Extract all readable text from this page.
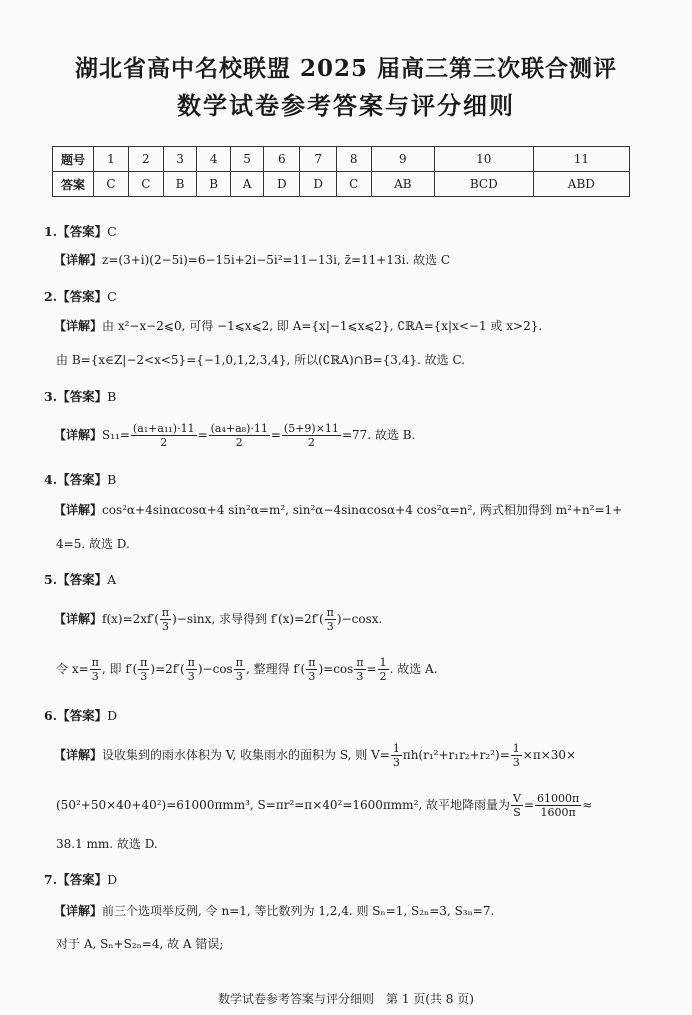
湖北省高中名校联盟 2025 届高三第三次联合测评
数学试卷参考答案与评分细则
题号	1	2	3	4	5	6	7	8	9	10	11
答案	C	C	B	B	A	D	D	C	AB	BCD	ABD
1.【答案】C
【详解】z=(3+i)(2−5i)=6−15i+2i−5i²=11−13i, z̄=11+13i. 故选 C
2.【答案】C
【详解】由 x²−x−2⩽0, 可得 −1⩽x⩽2, 即 A={x|−1⩽x⩽2}, ∁ℝA={x|x<−1 或 x>2}.
由 B={x∈Z|−2<x<5}={−1,0,1,2,3,4}, 所以(∁ℝA)∩B={3,4}. 故选 C.
3.【答案】B
【详解】$S_{11}= \frac{\text{(a₁+a₁₁)·11}}{2} = \frac{\text{(a₄+a₈)·11}}{2} = \frac{(5+9)\times 11}{2} =77$. 故选 B.
4.【答案】B
【详解】cos²α+4sinαcosα+4 sin²α=m², sin²α−4sinαcosα+4 cos²α=n², 两式相加得到 m²+n²=1+
4=5. 故选 D.
5.【答案】A
【详解】$f(x)=2xf'( \frac{\pi}{3} )-\sin x$, 求导得到 $f'(x)=2f'( \frac{\pi}{3} )-\cos x$.
令 $x= \frac{\pi}{3}$ , 即 $f'( \frac{\pi}{3} )=2f'( \frac{\pi}{3} )-\cos \frac{\pi}{3}$ , 整理得 $f'( \frac{\pi}{3} )=\cos \frac{\pi}{3} = \frac{1}{2}$ . 故选 A.
6.【答案】D
【详解】设收集到的雨水体积为 V, 收集雨水的面积为 S, 则 $V= \frac{1}{3} \pi h(r_1^2+r_1r_2+r_2^2)= \frac{1}{3} \times\pi\times 30\times$
(50²+50×40+40²)=61000πmm³, S=πr²=π×40²=1600πmm², 故平地降雨量为 $\frac{V}{S} = \frac{61000\pi}{1600\pi}$ ≈
38.1 mm. 故选 D.
7.【答案】D
【详解】前三个选项举反例, 令 n=1, 等比数列为 1,2,4. 则 Sₙ=1, S₂ₙ=3, S₃ₙ=7.
对于 A, Sₙ+S₂ₙ=4, 故 A 错误;
数学试卷参考答案与评分细则　第 1 页(共 8 页)
